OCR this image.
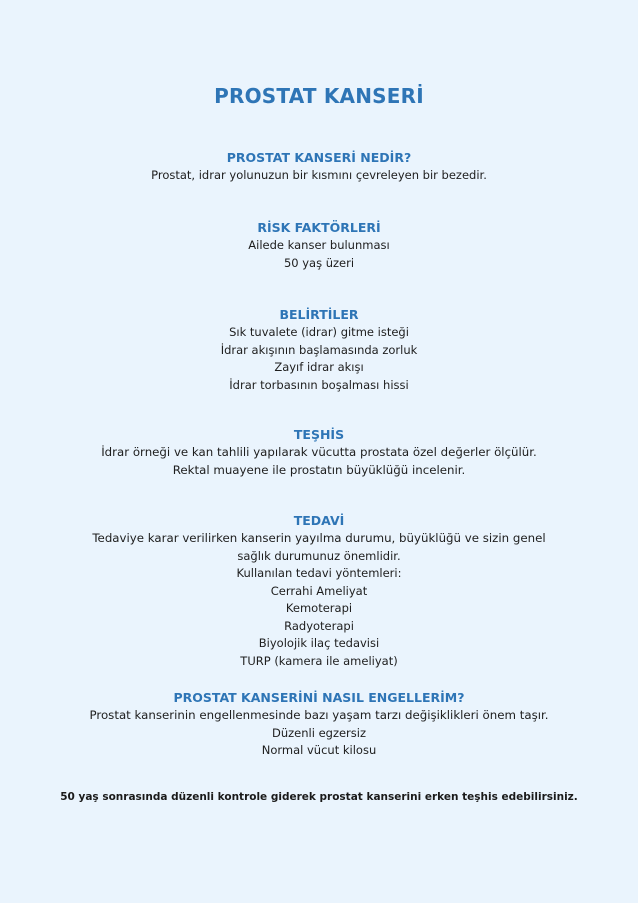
PROSTAT KANSERİ
PROSTAT KANSERİ NEDİR?
Prostat, idrar yolunuzun bir kısmını çevreleyen bir bezedir.
RİSK FAKTÖRLERİ
Ailede kanser bulunması
50 yaş üzeri
BELİRTİLER
Sık tuvalete (idrar) gitme isteği
İdrar akışının başlamasında zorluk
Zayıf idrar akışı
İdrar torbasının boşalması hissi
TEŞHİS
İdrar örneği ve kan tahlili yapılarak vücutta prostata özel değerler ölçülür.
Rektal muayene ile prostatın büyüklüğü incelenir.
TEDAVİ
Tedaviye karar verilirken kanserin yayılma durumu, büyüklüğü ve sizin genel
sağlık durumunuz önemlidir.
Kullanılan tedavi yöntemleri:
Cerrahi Ameliyat
Kemoterapi
Radyoterapi
Biyolojik ilaç tedavisi
TURP (kamera ile ameliyat)
PROSTAT KANSERİNİ NASIL ENGELLERİM?
Prostat kanserinin engellenmesinde bazı yaşam tarzı değişiklikleri önem taşır.
Düzenli egzersiz
Normal vücut kilosu
50 yaş sonrasında düzenli kontrole giderek prostat kanserini erken teşhis edebilirsiniz.
